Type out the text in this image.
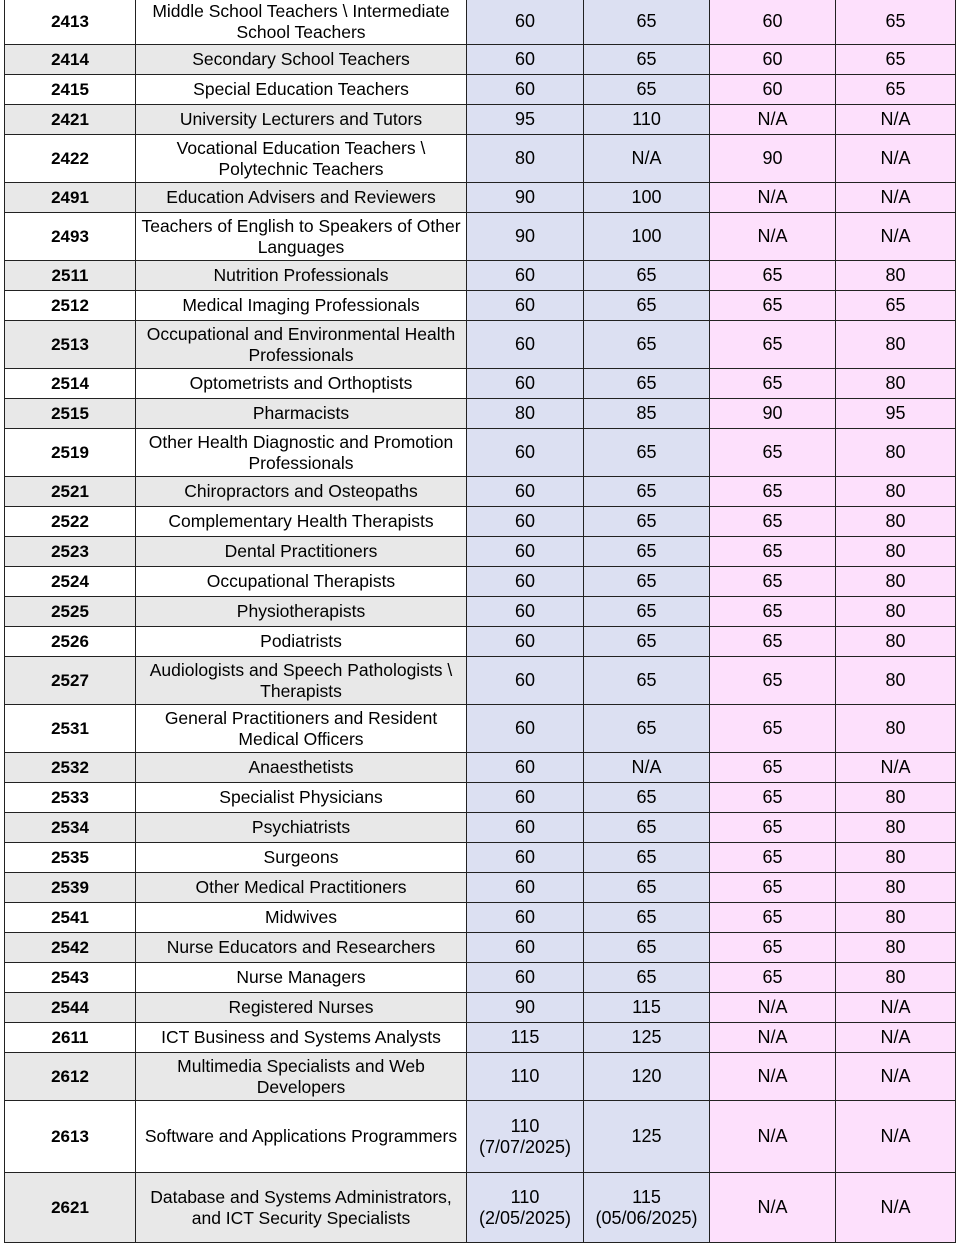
2413	Middle School Teachers \ Intermediate School Teachers	60	65	60	65
2414	Secondary School Teachers	60	65	60	65
2415	Special Education Teachers	60	65	60	65
2421	University Lecturers and Tutors	95	110	N/A	N/A
2422	Vocational Education Teachers \ Polytechnic Teachers	80	N/A	90	N/A
2491	Education Advisers and Reviewers	90	100	N/A	N/A
2493	Teachers of English to Speakers of Other Languages	90	100	N/A	N/A
2511	Nutrition Professionals	60	65	65	80
2512	Medical Imaging Professionals	60	65	65	65
2513	Occupational and Environmental Health Professionals	60	65	65	80
2514	Optometrists and Orthoptists	60	65	65	80
2515	Pharmacists	80	85	90	95
2519	Other Health Diagnostic and Promotion Professionals	60	65	65	80
2521	Chiropractors and Osteopaths	60	65	65	80
2522	Complementary Health Therapists	60	65	65	80
2523	Dental Practitioners	60	65	65	80
2524	Occupational Therapists	60	65	65	80
2525	Physiotherapists	60	65	65	80
2526	Podiatrists	60	65	65	80
2527	Audiologists and Speech Pathologists \ Therapists	60	65	65	80
2531	General Practitioners and Resident Medical Officers	60	65	65	80
2532	Anaesthetists	60	N/A	65	N/A
2533	Specialist Physicians	60	65	65	80
2534	Psychiatrists	60	65	65	80
2535	Surgeons	60	65	65	80
2539	Other Medical Practitioners	60	65	65	80
2541	Midwives	60	65	65	80
2542	Nurse Educators and Researchers	60	65	65	80
2543	Nurse Managers	60	65	65	80
2544	Registered Nurses	90	115	N/A	N/A
2611	ICT Business and Systems Analysts	115	125	N/A	N/A
2612	Multimedia Specialists and Web Developers	110	120	N/A	N/A
2613	Software and Applications Programmers	110 (7/07/2025)	125	N/A	N/A
2621	Database and Systems Administrators, and ICT Security Specialists	110 (2/05/2025)	115 (05/06/2025)	N/A	N/A
